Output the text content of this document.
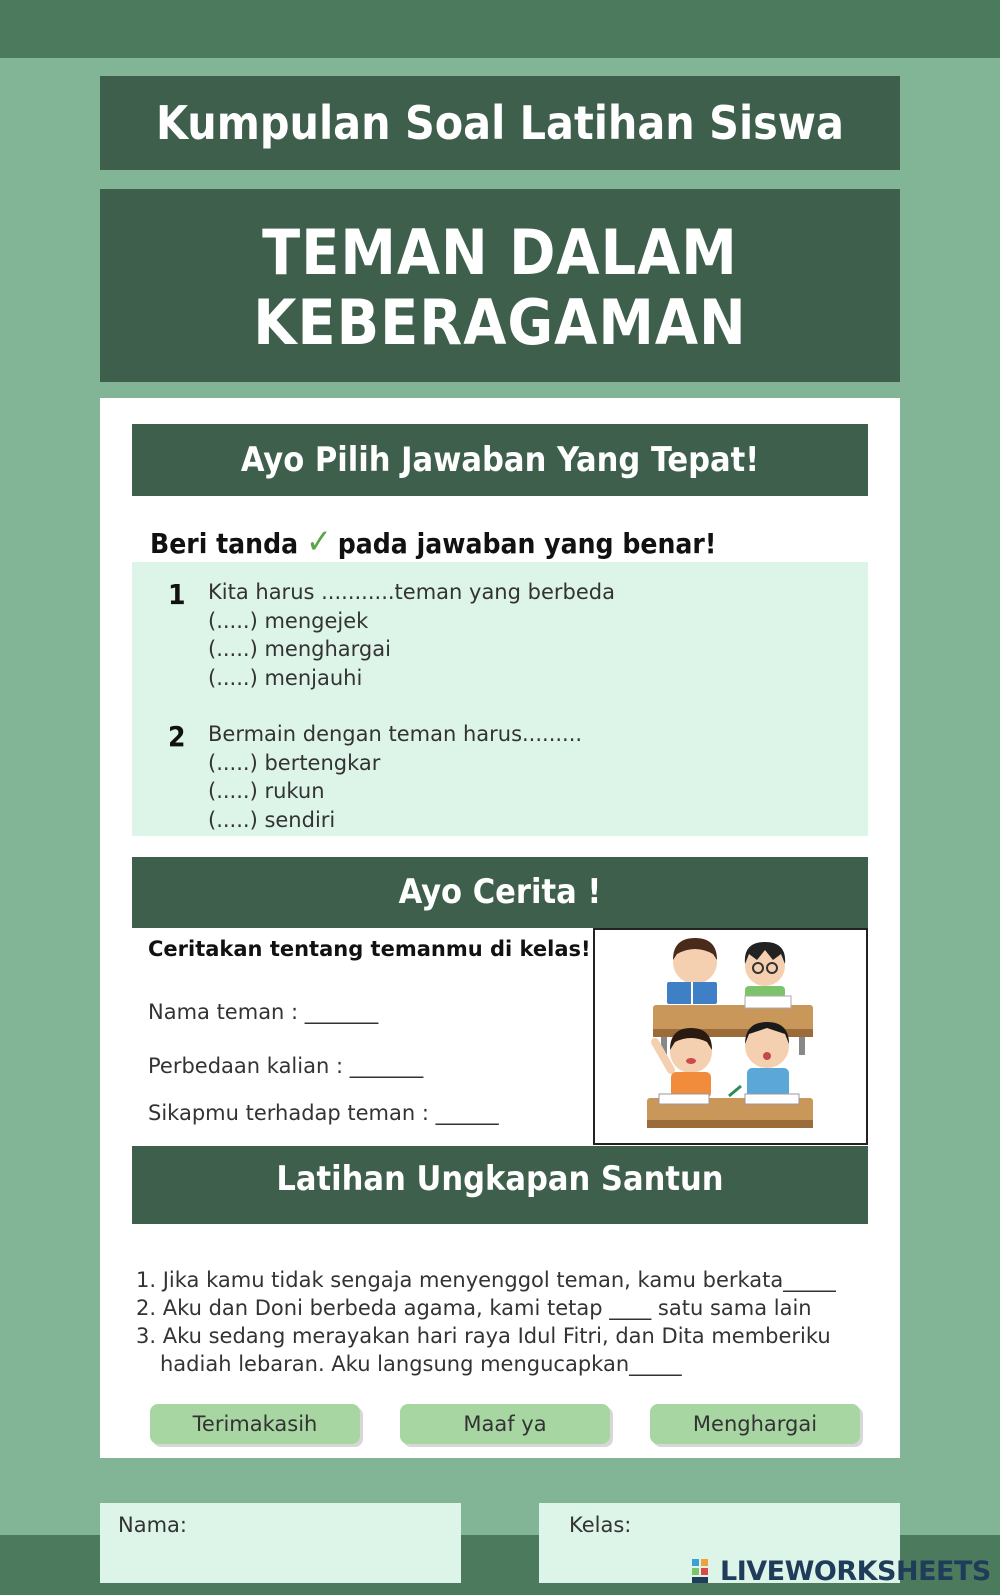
Kumpulan Soal Latihan Siswa
TEMAN DALAM
KEBERAGAMAN
Ayo Pilih Jawaban Yang Tepat!
Beri tanda ✓ pada jawaban yang benar!
1 Kita harus ...........teman yang berbeda
(.....) mengejek
(.....) menghargai
(.....) menjauhi
2 Bermain dengan teman harus.........
(.....) bertengkar
(.....) rukun
(.....) sendiri
Ayo Cerita !
Ceritakan tentang temanmu di kelas!
Nama teman : _______
Perbedaan kalian : _______
Sikapmu terhadap teman : ______
Latihan Ungkapan Santun
1. Jika kamu tidak sengaja menyenggol teman, kamu berkata_____
2. Aku dan Doni berbeda agama, kami tetap ____ satu sama lain
3. Aku sedang merayakan hari raya Idul Fitri, dan Dita memberiku
hadiah lebaran. Aku langsung mengucapkan_____
Terimakasih	Maaf ya	Menghargai
Nama:	Kelas:
LIVEWORKSHEETS
